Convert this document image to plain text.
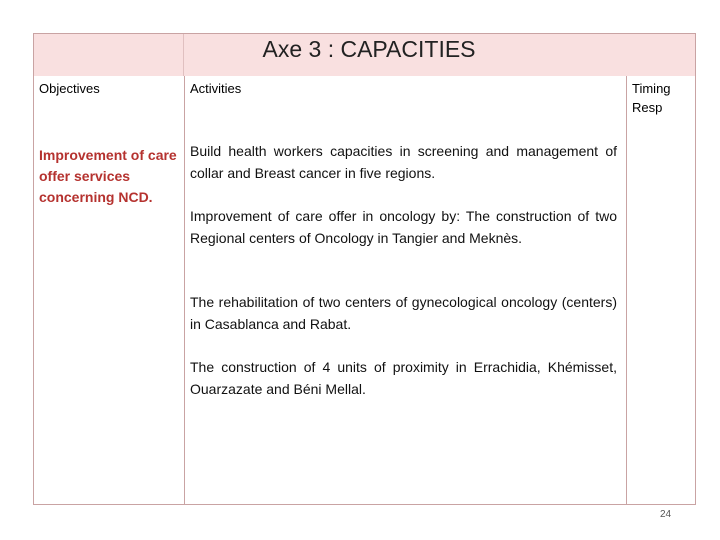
Axe 3 : CAPACITIES
Objectives	Activities	Timing
Resp
Improvement of care offer services concerning NCD.
Build health workers capacities in screening and management of collar and Breast cancer in five regions.
Improvement of care offer in oncology by: The construction of two Regional centers of Oncology in Tangier and Meknès.
The rehabilitation of two centers of gynecological oncology (centers) in Casablanca and Rabat.
The construction of 4 units of proximity in Errachidia, Khémisset, Ouarzazate and Béni Mellal.
24
